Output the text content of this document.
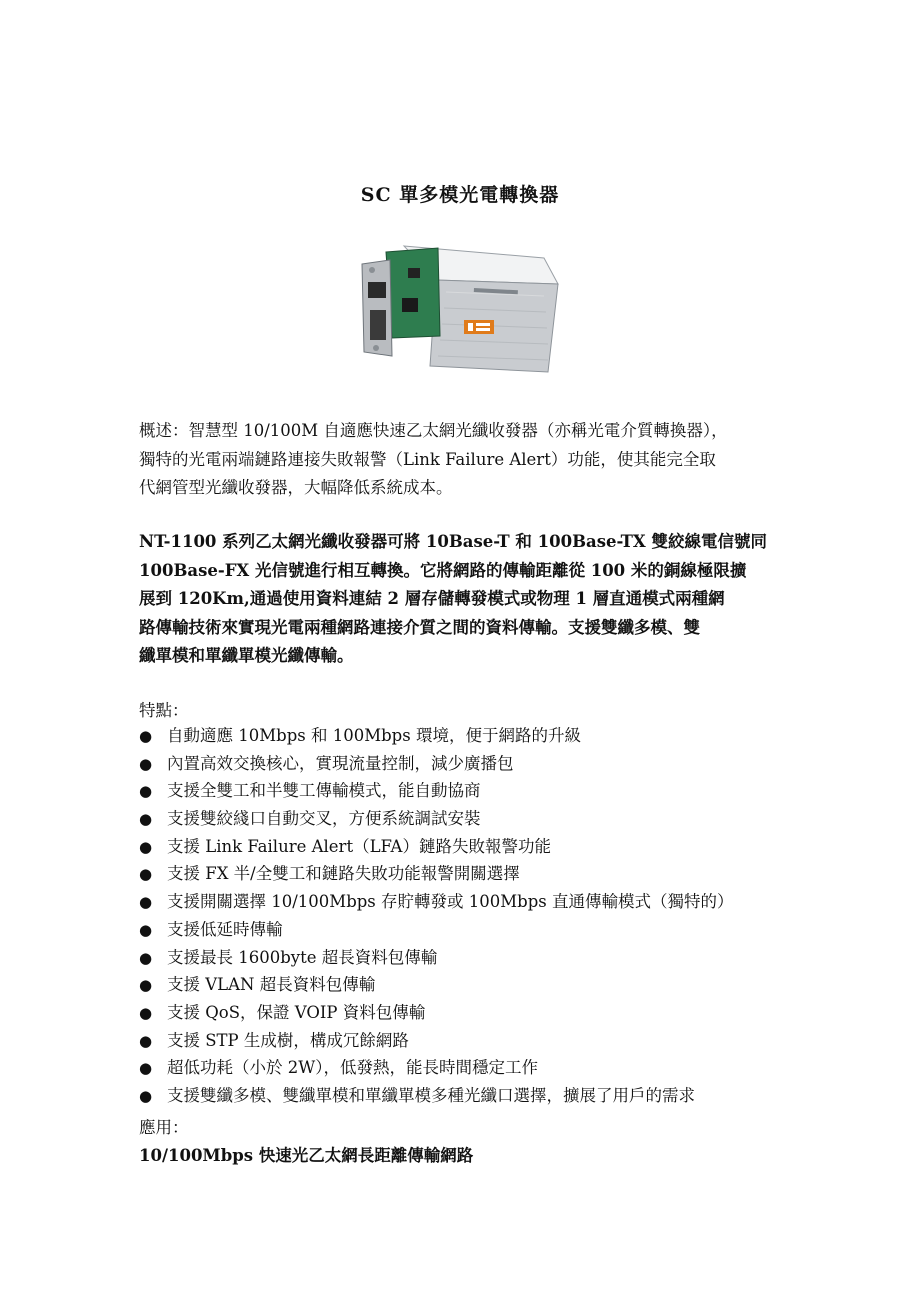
SC 單多模光電轉換器

概述：智慧型 10/100M 自適應快速乙太網光纖收發器（亦稱光電介質轉換器），

獨特的光電兩端鏈路連接失敗報警（Link Failure Alert）功能，使其能完全取

代網管型光纖收發器，大幅降低系統成本。

NT-1100 系列乙太網光纖收發器可將 10Base-T 和 100Base-TX 雙絞線電信號同

100Base-FX 光信號進行相互轉換。它將網路的傳輸距離從 100 米的銅線極限擴

展到 120Km,通過使用資料連結 2 層存儲轉發模式或物理 1 層直通模式兩種網

路傳輸技術來實現光電兩種網路連接介質之間的資料傳輸。支援雙纖多模、雙

纖單模和單纖單模光纖傳輸。

特點：
● 自動適應 10Mbps 和 100Mbps 環境，便于網路的升級
● 內置高效交換核心，實現流量控制，減少廣播包
● 支援全雙工和半雙工傳輸模式，能自動協商
● 支援雙絞綫口自動交叉，方便系統調試安裝
● 支援 Link Failure Alert（LFA）鏈路失敗報警功能
● 支援 FX 半/全雙工和鏈路失敗功能報警開關選擇
● 支援開關選擇 10/100Mbps 存貯轉發或 100Mbps 直通傳輸模式（獨特的）
● 支援低延時傳輸
● 支援最長 1600byte 超長資料包傳輸
● 支援 VLAN 超長資料包傳輸
● 支援 QoS，保證 VOIP 資料包傳輸
● 支援 STP 生成樹，構成冗餘網路
● 超低功耗（小於 2W），低發熱，能長時間穩定工作
● 支援雙纖多模、雙纖單模和單纖單模多種光纖口選擇，擴展了用戶的需求
應用：
10/100Mbps 快速光乙太網長距離傳輸網路
